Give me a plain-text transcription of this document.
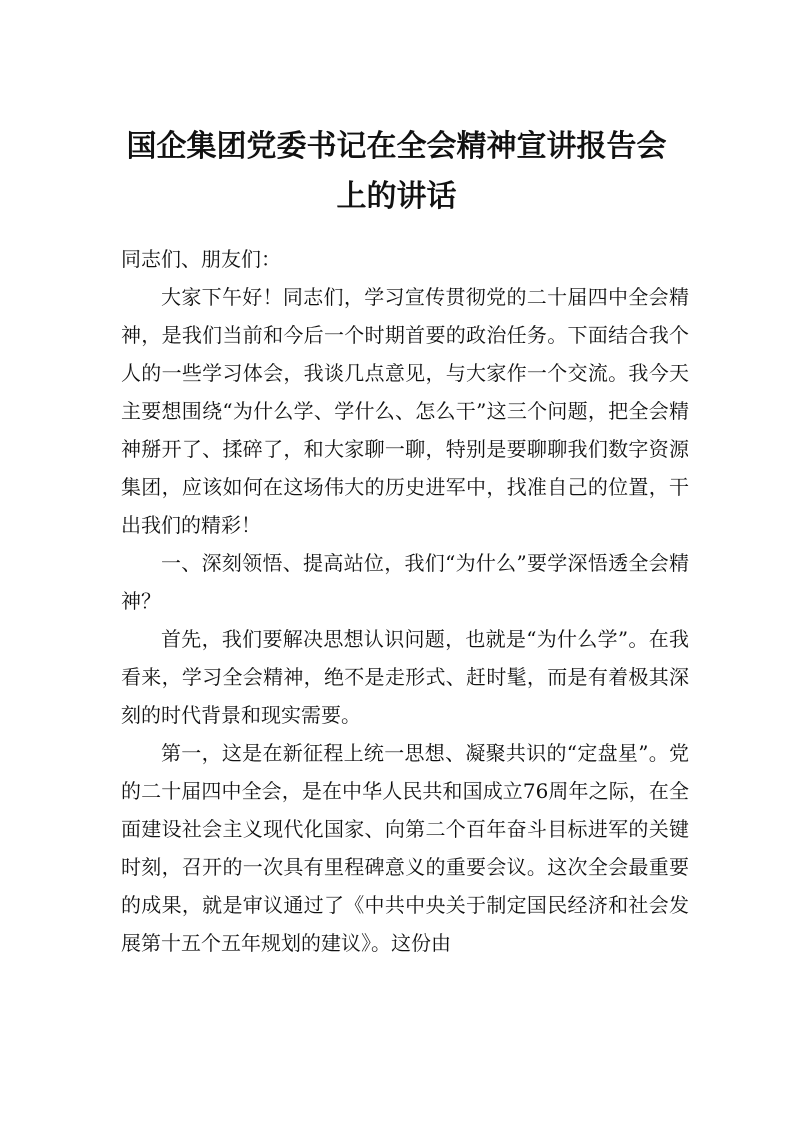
国企集团党委书记在全会精神宣讲报告会
上的讲话

同志们、朋友们：

大家下午好！同志们，学习宣传贯彻党的二十届四中全会精神，是我们当前和今后一个时期首要的政治任务。下面结合我个人的一些学习体会，我谈几点意见，与大家作一个交流。我今天主要想围绕“为什么学、学什么、怎么干”这三个问题，把全会精神掰开了、揉碎了，和大家聊一聊，特别是要聊聊我们数字资源集团，应该如何在这场伟大的历史进军中，找准自己的位置，干出我们的精彩！

一、深刻领悟、提高站位，我们“为什么”要学深悟透全会精神？

首先，我们要解决思想认识问题，也就是“为什么学”。在我看来，学习全会精神，绝不是走形式、赶时髦，而是有着极其深刻的时代背景和现实需要。

第一，这是在新征程上统一思想、凝聚共识的“定盘星”。党的二十届四中全会，是在中华人民共和国成立76周年之际，在全面建设社会主义现代化国家、向第二个百年奋斗目标进军的关键时刻，召开的一次具有里程碑意义的重要会议。这次全会最重要的成果，就是审议通过了《中共中央关于制定国民经济和社会发展第十五个五年规划的建议》。这份由
